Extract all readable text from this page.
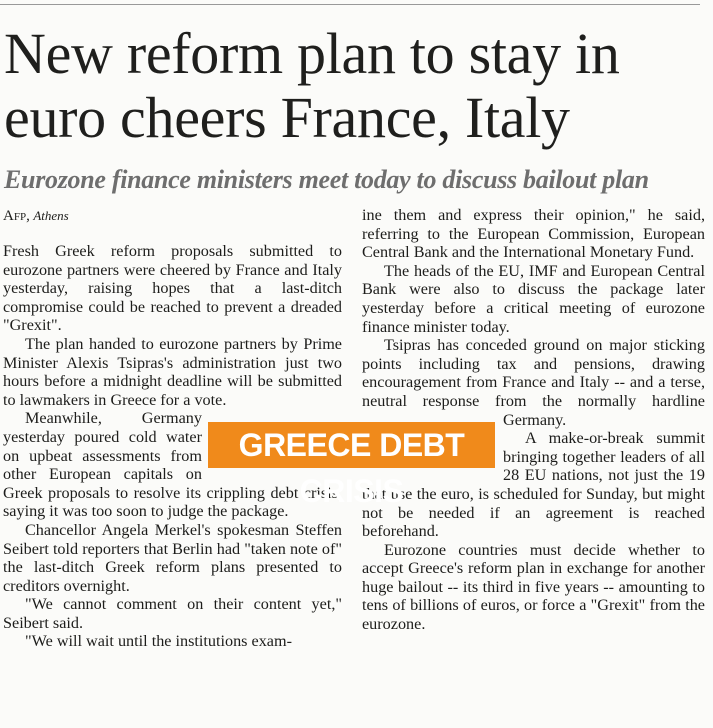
New reform plan to stay in euro cheers France, Italy
Eurozone finance ministers meet today to discuss bailout plan
Afp, Athens

Fresh Greek reform proposals submitted to eurozone partners were cheered by France and Italy yesterday, raising hopes that a last-ditch compromise could be reached to prevent a dreaded "Grexit".

The plan handed to eurozone partners by Prime Minister Alexis Tsipras's administration just two hours before a midnight deadline will be submitted to lawmakers in Greece for a vote.

Meanwhile, Germany yesterday poured cold water on upbeat assessments from other European capitals on Greek proposals to resolve its crippling debt crisis, saying it was too soon to judge the package.

Chancellor Angela Merkel's spokesman Steffen Seibert told reporters that Berlin had "taken note of" the last-ditch Greek reform plans presented to creditors overnight.

"We cannot comment on their content yet," Seibert said.

"We will wait until the institutions exam-

ine them and express their opinion," he said, referring to the European Commission, European Central Bank and the International Monetary Fund.

The heads of the EU, IMF and European Central Bank were also to discuss the package later yesterday before a critical meeting of eurozone finance minister today.

Tsipras has conceded ground on major sticking points including tax and pensions, drawing encouragement from France and Italy -- and a terse, neutral response from the normally hardline Germany.

A make-or-break summit bringing together leaders of all 28 EU nations, not just the 19 that use the euro, is scheduled for Sunday, but might not be needed if an agreement is reached beforehand.

Eurozone countries must decide whether to accept Greece's reform plan in exchange for another huge bailout -- its third in five years -- amounting to tens of billions of euros, or force a "Grexit" from the eurozone.

GREECE DEBT CRISIS
